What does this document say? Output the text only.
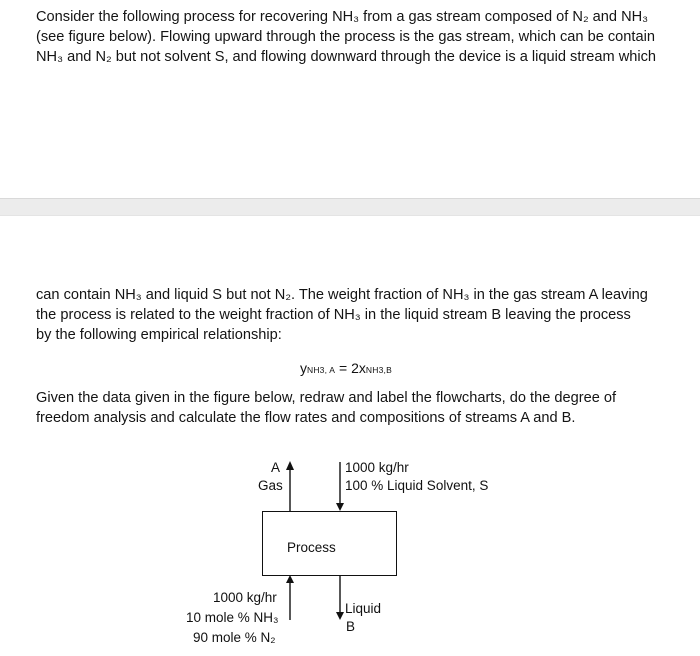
Consider the following process for recovering NH₃ from a gas stream composed of N₂ and NH₃

(see figure below). Flowing upward through the process is the gas stream, which can be contain

NH₃ and N₂ but not solvent S, and flowing downward through the device is a liquid stream which

can contain NH₃ and liquid S but not N₂. The weight fraction of NH₃ in the gas stream A leaving

the process is related to the weight fraction of NH₃ in the liquid stream B leaving the process

by the following empirical relationship:

yNH3, A = 2xNH3,B

Given the data given in the figure below, redraw and label the flowcharts, do the degree of

freedom analysis and calculate the flow rates and compositions of streams A and B.

Process
A
Gas
1000 kg/hr
100 % Liquid Solvent, S
1000 kg/hr
10 mole % NH₃
90 mole % N₂
Liquid
B
